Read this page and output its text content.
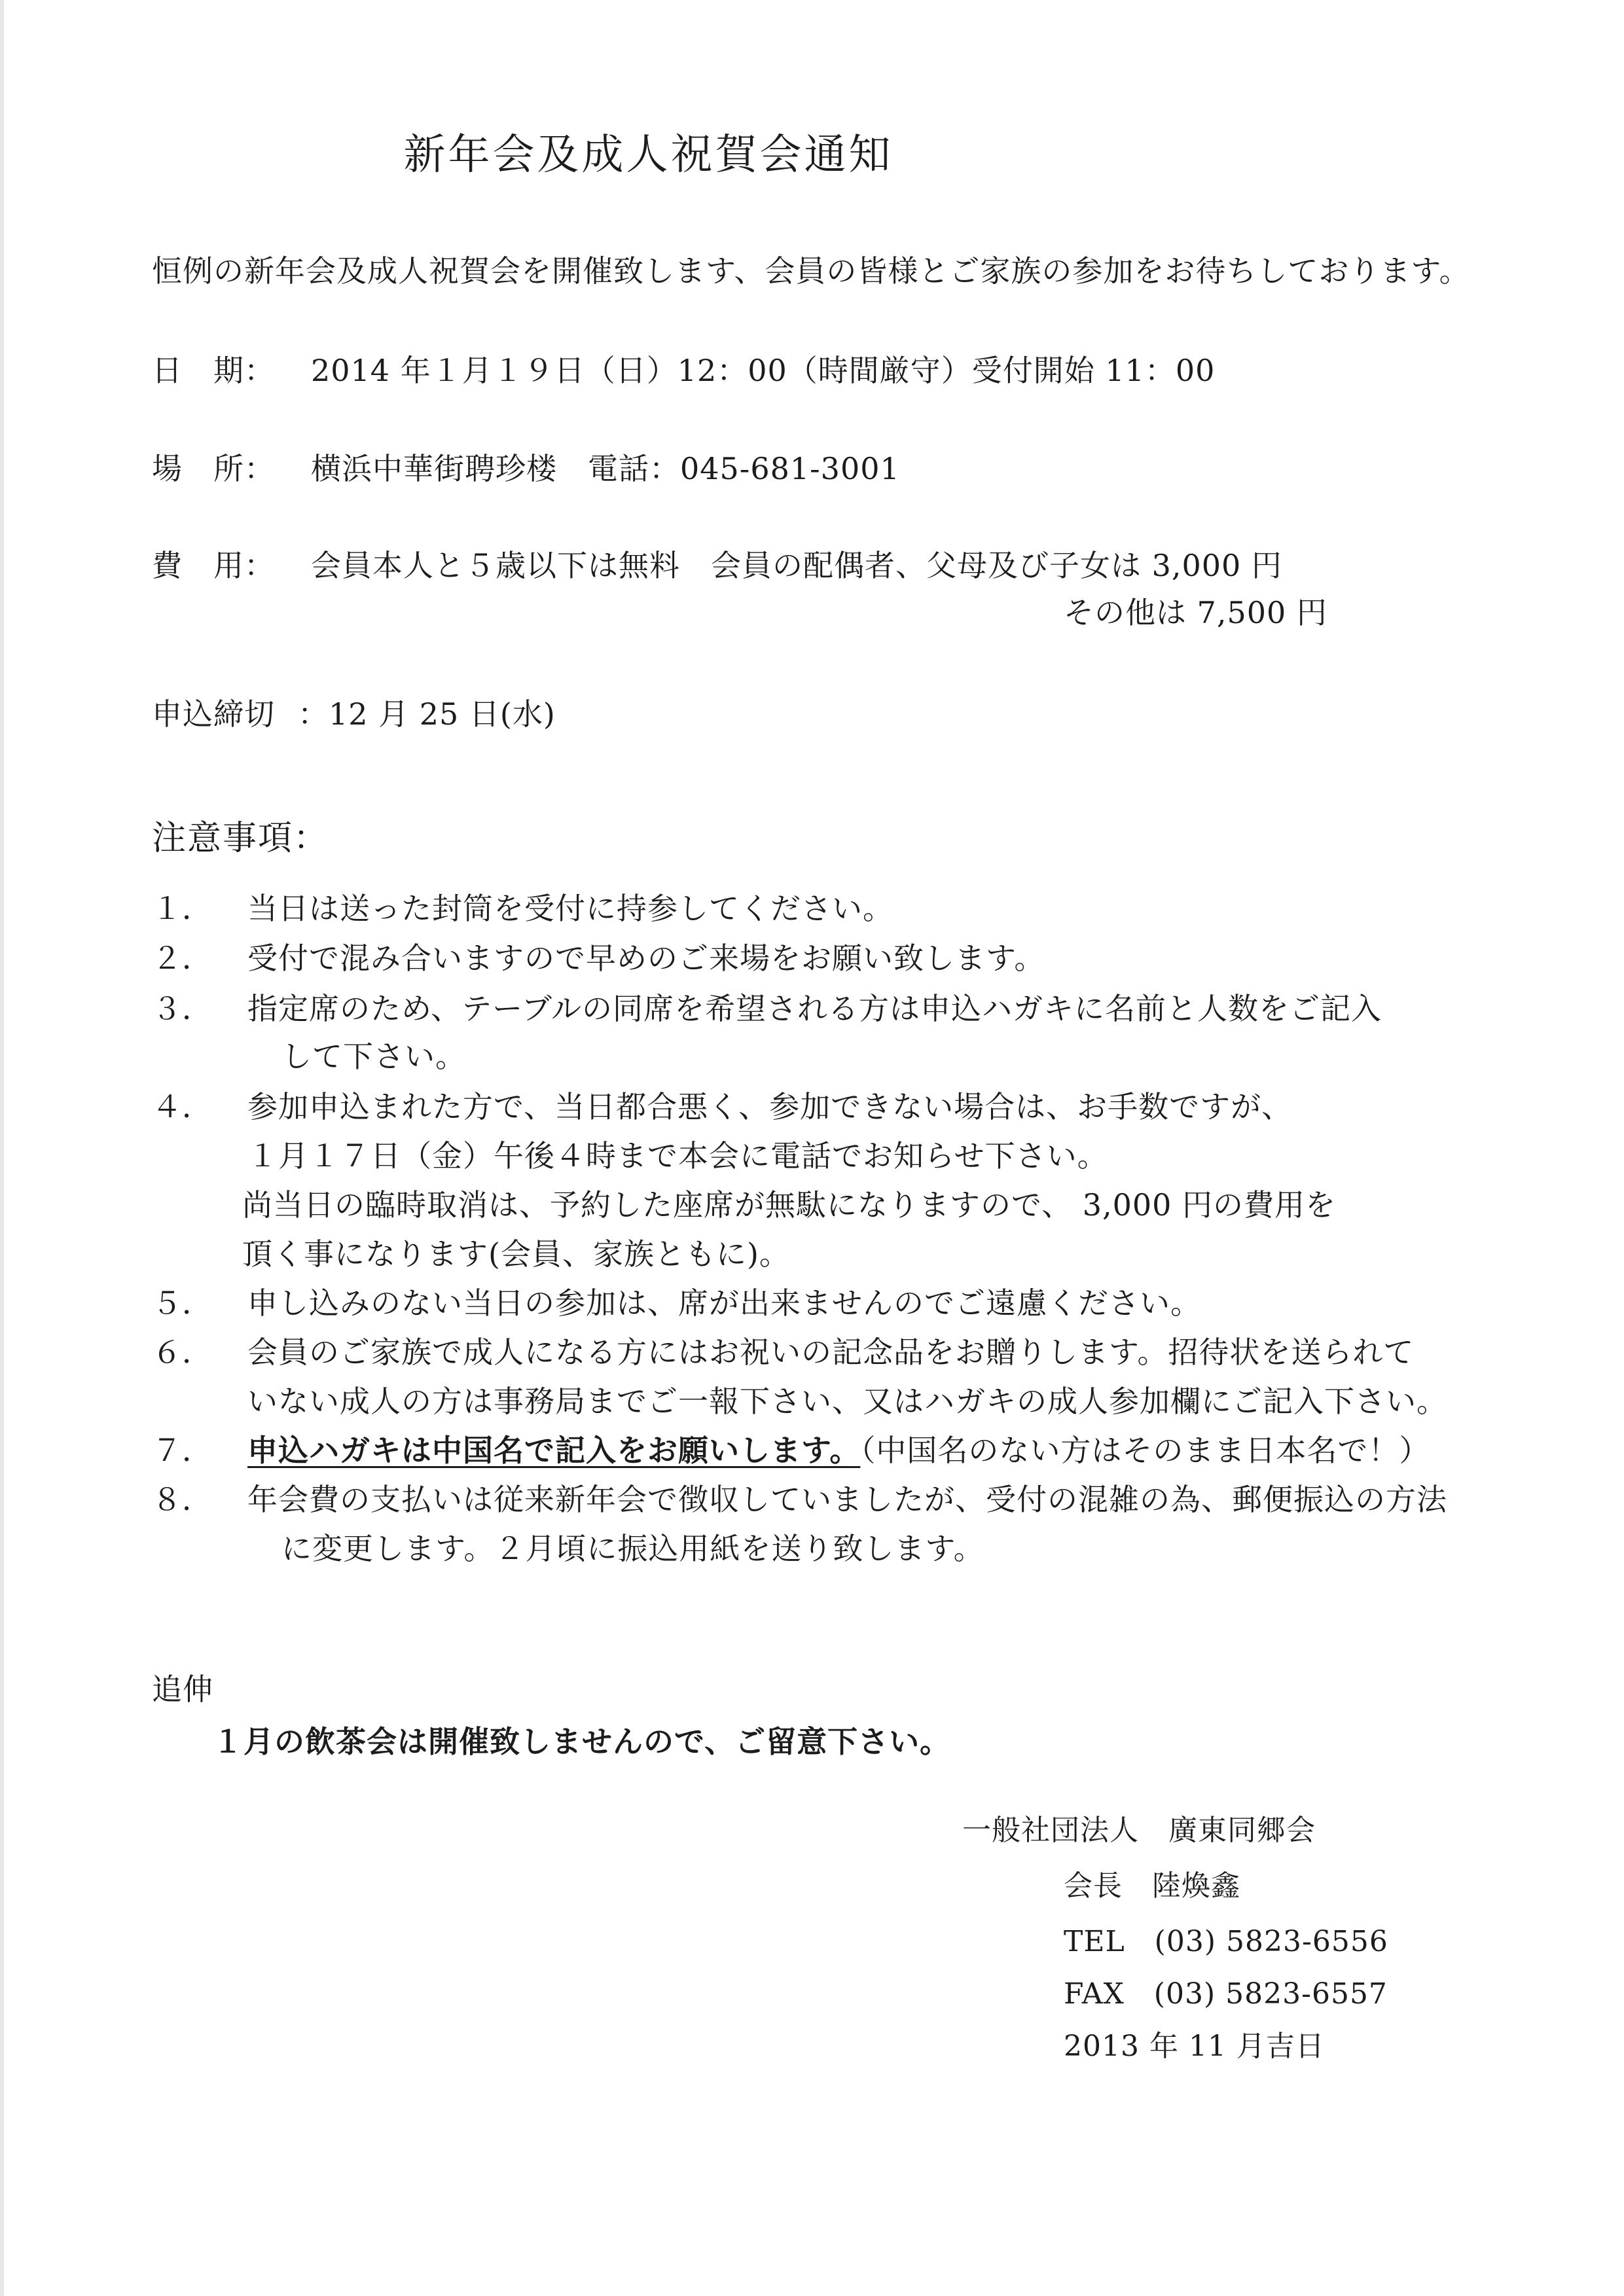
新年会及成人祝賀会通知
恒例の新年会及成人祝賀会を開催致します、会員の皆様とご家族の参加をお待ちしております。
日　期： 2014 年１月１９日（日）12：00（時間厳守）受付開始 11：00
場　所： 横浜中華街聘珍楼　電話：045-681-3001
費　用： 会員本人と５歳以下は無料　会員の配偶者、父母及び子女は 3,000 円
その他は 7,500 円
申込締切 ：12 月 25 日(水)
注意事項：
１． 当日は送った封筒を受付に持参してください。
２． 受付で混み合いますので早めのご来場をお願い致します。
３． 指定席のため、テーブルの同席を希望される方は申込ハガキに名前と人数をご記入
して下さい。
４． 参加申込まれた方で、当日都合悪く、参加できない場合は、お手数ですが、
１月１７日（金）午後４時まで本会に電話でお知らせ下さい。
尚当日の臨時取消は、予約した座席が無駄になりますので、 3,000 円の費用を
頂く事になります(会員、家族ともに)。
５． 申し込みのない当日の参加は、席が出来ませんのでご遠慮ください。
６． 会員のご家族で成人になる方にはお祝いの記念品をお贈りします。招待状を送られて
いない成人の方は事務局までご一報下さい、又はハガキの成人参加欄にご記入下さい。
７． 申込ハガキは中国名で記入をお願いします。（中国名のない方はそのまま日本名で！）
８． 年会費の支払いは従来新年会で徴収していましたが、受付の混雑の為、郵便振込の方法
に変更します。２月頃に振込用紙を送り致します。
追伸
１月の飲茶会は開催致しませんので、ご留意下さい。
一般社団法人　廣東同郷会
会長　陸煥鑫
TEL　(03) 5823-6556
FAX　(03) 5823-6557
2013 年 11 月吉日
